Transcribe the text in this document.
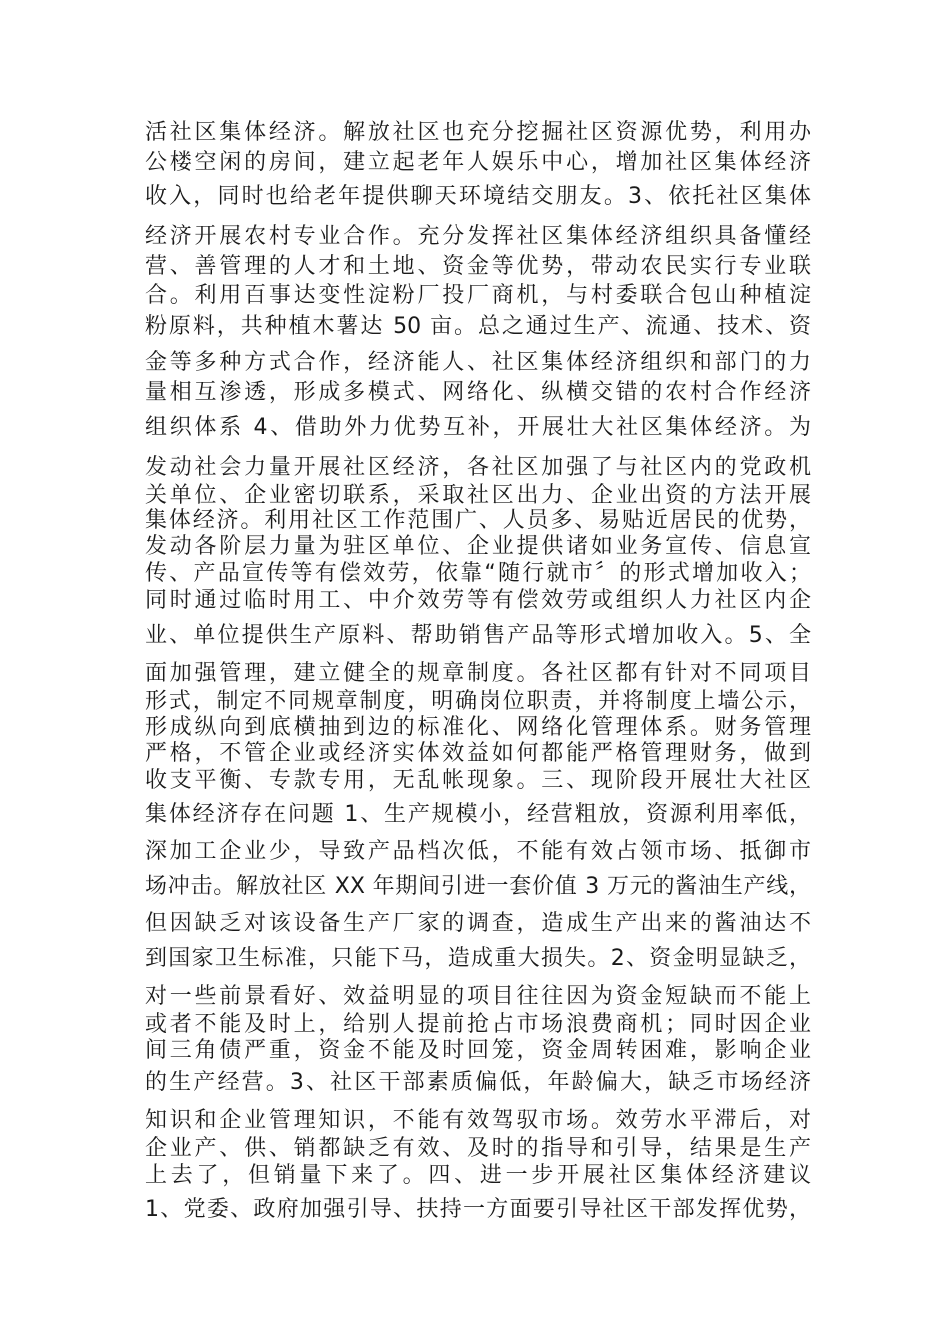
活社区集体经济。解放社区也充分挖掘社区资源优势，利用办

公楼空闲的房间，建立起老年人娱乐中心，增加社区集体经济

收入，同时也给老年提供聊天环境结交朋友。3、依托社区集体

经济开展农村专业合作。充分发挥社区集体经济组织具备懂经

营、善管理的人才和土地、资金等优势，带动农民实行专业联

合。利用百事达变性淀粉厂投厂商机，与村委联合包山种植淀

粉原料，共种植木薯达 50 亩。总之通过生产、流通、技术、资

金等多种方式合作，经济能人、社区集体经济组织和部门的力

量相互渗透，形成多模式、网络化、纵横交错的农村合作经济

组织体系 4、借助外力优势互补，开展壮大社区集体经济。为

发动社会力量开展社区经济，各社区加强了与社区内的党政机

关单位、企业密切联系，采取社区出力、企业出资的方法开展

集体经济。利用社区工作范围广、人员多、易贴近居民的优势，

发动各阶层力量为驻区单位、企业提供诸如业务宣传、信息宣

传、产品宣传等有偿效劳，依靠“随行就市〞的形式增加收入；

同时通过临时用工、中介效劳等有偿效劳或组织人力社区内企

业、单位提供生产原料、帮助销售产品等形式增加收入。5、全

面加强管理，建立健全的规章制度。各社区都有针对不同项目

形式，制定不同规章制度，明确岗位职责，并将制度上墙公示，

形成纵向到底横抽到边的标准化、网络化管理体系。财务管理

严格，不管企业或经济实体效益如何都能严格管理财务，做到

收支平衡、专款专用，无乱帐现象。三、现阶段开展壮大社区

集体经济存在问题 1、生产规模小，经营粗放，资源利用率低，

深加工企业少，导致产品档次低，不能有效占领市场、抵御市

场冲击。解放社区 XX 年期间引进一套价值 3 万元的酱油生产线，

但因缺乏对该设备生产厂家的调查，造成生产出来的酱油达不

到国家卫生标准，只能下马，造成重大损失。2、资金明显缺乏，

对一些前景看好、效益明显的项目往往因为资金短缺而不能上

或者不能及时上，给别人提前抢占市场浪费商机；同时因企业

间三角债严重，资金不能及时回笼，资金周转困难，影响企业

的生产经营。3、社区干部素质偏低，年龄偏大，缺乏市场经济

知识和企业管理知识，不能有效驾驭市场。效劳水平滞后，对

企业产、供、销都缺乏有效、及时的指导和引导，结果是生产

上去了，但销量下来了。四、进一步开展社区集体经济建议

1、党委、政府加强引导、扶持一方面要引导社区干部发挥优势，
